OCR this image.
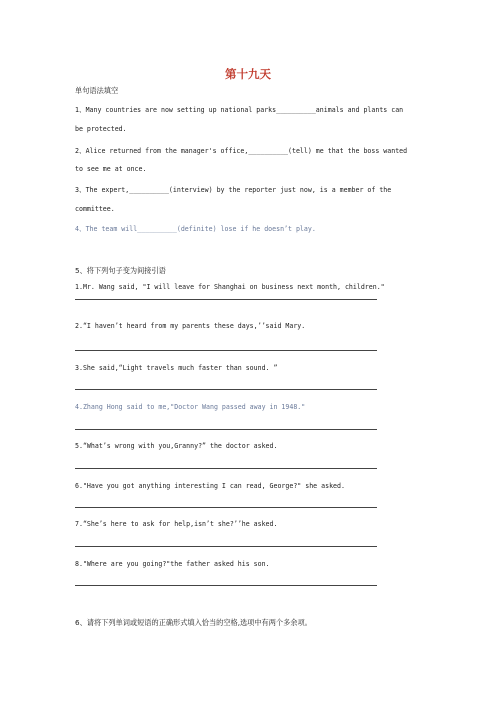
第十九天
单句语法填空
1、Many countries are now setting up national parks__________animals and plants can
be protected.
2、Alice returned from the manager's office,__________(tell) me that the boss wanted
to see me at once.
3、The expert,__________(interview) by the reporter just now, is a member of the
committee.
4、The team will__________(definite) lose if he doesn’t play.
5、将下列句子变为间接引语
1.Mr. Wang said, "I will leave for Shanghai on business next month, children."
2.“I haven’t heard from my parents these days,’’said Mary.
3.She said,“Light travels much faster than sound. ”
4.Zhang Hong said to me,"Doctor Wang passed away in 1948."
5.“What’s wrong with you,Granny?” the doctor asked.
6."Have you got anything interesting I can read, George?" she asked.
7.“She’s here to ask for help,isn’t she?’’he asked.
8."Where are you going?"the father asked his son.
6、请将下列单词或短语的正确形式填入恰当的空格,选项中有两个多余项。
